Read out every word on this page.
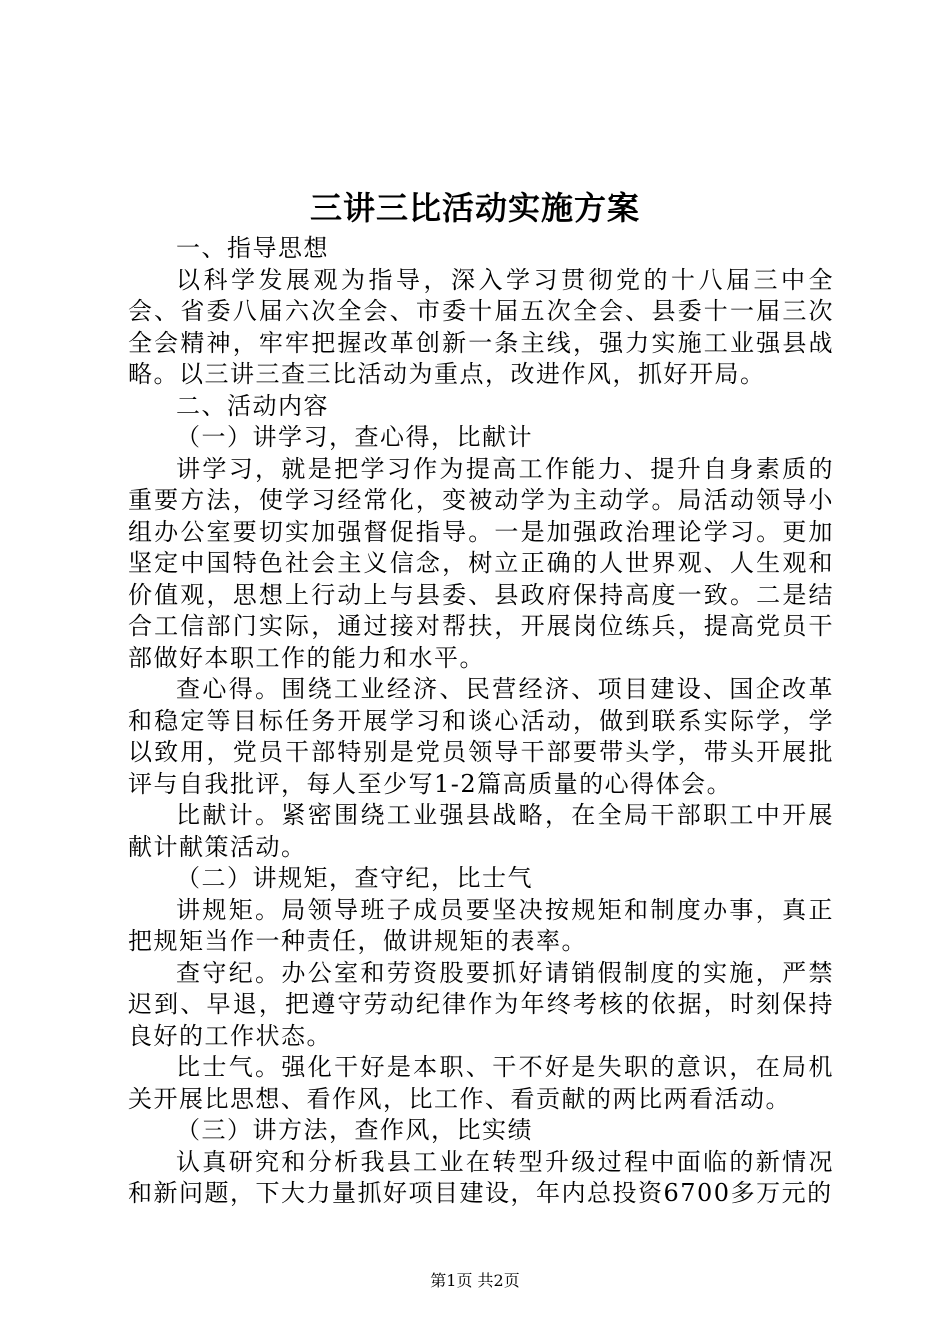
三讲三比活动实施方案

一、指导思想

以科学发展观为指导，深入学习贯彻党的十八届三中全会、省委八届六次全会、市委十届五次全会、县委十一届三次全会精神，牢牢把握改革创新一条主线，强力实施工业强县战略。以三讲三查三比活动为重点，改进作风，抓好开局。

二、活动内容

（一）讲学习，查心得，比献计

讲学习，就是把学习作为提高工作能力、提升自身素质的重要方法，使学习经常化，变被动学为主动学。局活动领导小组办公室要切实加强督促指导。一是加强政治理论学习。更加坚定中国特色社会主义信念，树立正确的人世界观、人生观和价值观，思想上行动上与县委、县政府保持高度一致。二是结合工信部门实际，通过接对帮扶，开展岗位练兵，提高党员干部做好本职工作的能力和水平。

查心得。围绕工业经济、民营经济、项目建设、国企改革和稳定等目标任务开展学习和谈心活动，做到联系实际学，学以致用，党员干部特别是党员领导干部要带头学，带头开展批评与自我批评，每人至少写1-2篇高质量的心得体会。

比献计。紧密围绕工业强县战略，在全局干部职工中开展献计献策活动。

（二）讲规矩，查守纪，比士气

讲规矩。局领导班子成员要坚决按规矩和制度办事，真正把规矩当作一种责任，做讲规矩的表率。

查守纪。办公室和劳资股要抓好请销假制度的实施，严禁迟到、早退，把遵守劳动纪律作为年终考核的依据，时刻保持良好的工作状态。

比士气。强化干好是本职、干不好是失职的意识，在局机关开展比思想、看作风，比工作、看贡献的两比两看活动。

（三）讲方法，查作风，比实绩

认真研究和分析我县工业在转型升级过程中面临的新情况和新问题，下大力量抓好项目建设，年内总投资6700多万元的

第1页 共2页
